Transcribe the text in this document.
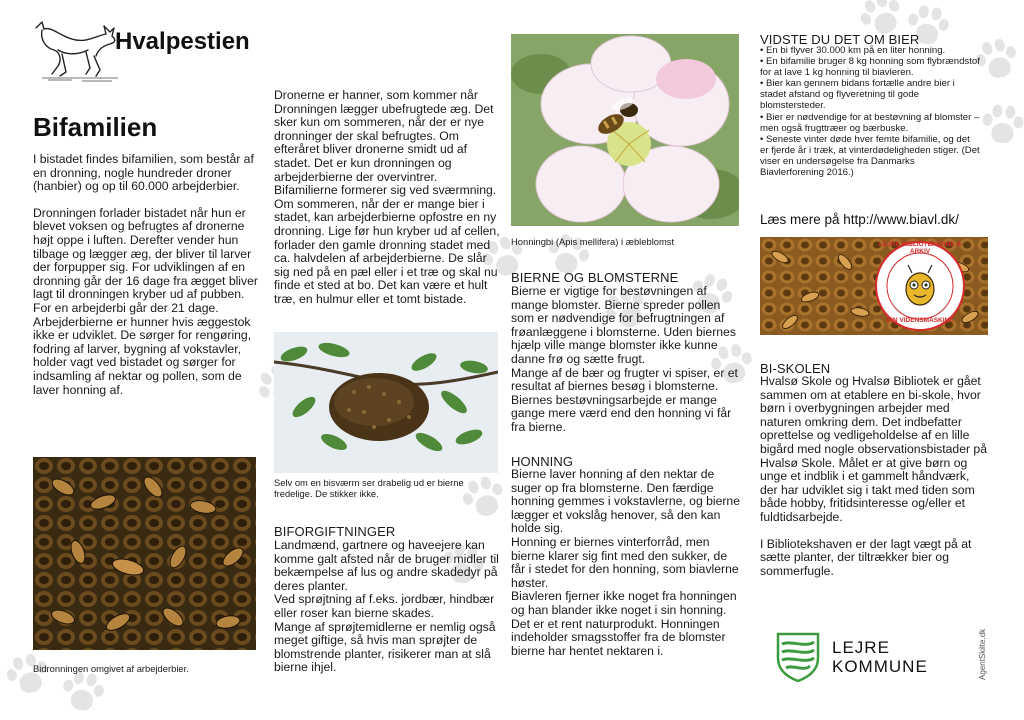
Hvalpestien
Bifamilien

I bistadet findes bifamilien, som består af en dronning, nogle hundreder droner (hanbier) og op til 60.000 arbejderbier.

Dronningen forlader bistadet når hun er blevet voksen og befrugtes af dronerne højt oppe i luften. Derefter vender hun tilbage og lægger æg, der bliver til larver der forpupper sig. For udviklingen af en dronning går der 16 dage fra ægget bliver lagt til dronningen kryber ud af pubben. For en arbejderbi går der 21 dage. Arbejderbierne er hunner hvis æggestok ikke er udviklet. De sørger for rengøring, fodring af larver, bygning af vokstavler, holder vagt ved bistadet og sørger for indsamling af nektar og pollen, som de laver honning af.

Bidronningen omgivet af arbejderbier.

Dronerne er hanner, som kommer når Dronningen lægger ubefrugtede æg. Det sker kun om sommeren, når der er nye dronninger der skal befrugtes. Om efteråret bliver dronerne smidt ud af stadet. Det er kun dronningen og arbejderbierne der overvintrer.

Bifamilierne formerer sig ved sværmning. Om sommeren, når der er mange bier i stadet, kan arbejderbierne opfostre en ny dronning. Lige før hun kryber ud af cellen, forlader den gamle dronning stadet med ca. halvdelen af arbejderbierne. De slår sig ned på en pæl eller i et træ og skal nu finde et sted at bo. Det kan være et hult træ, en hulmur eller et tomt bistade.

Selv om en bisværm ser drabelig ud er bierne fredelige. De stikker ikke.
BIFORGIFTNINGER

Landmænd, gartnere og haveejere kan komme galt afsted når de bruger midler til bekæmpelse af lus og andre skadedyr på deres planter.

Ved sprøjtning af f.eks. jordbær, hindbær eller roser kan bierne skades.

Mange af sprøjtemidlerne er nemlig også meget giftige, så hvis man sprøjter de blomstrende planter, risikerer man at slå bierne ihjel.

Honningbi (Apis mellifera) i æbleblomst
BIERNE OG BLOMSTERNE

Bierne er vigtige for bestøvningen af mange blomster. Bierne spreder pollen som er nødvendige for befrugtningen af frøanlæggene i blomsterne. Uden biernes hjælp ville mange blomster ikke kunne danne frø og sætte frugt.

Mange af de bær og frugter vi spiser, er et resultat af biernes besøg i blomsterne.

Biernes bestøvningsarbejde er mange gange mere værd end den honning vi får fra bierne.

HONNING

Bierne laver honning af den nektar de suger op fra blomsterne. Den færdige honning gemmes i vokstavlerne, og bierne lægger et vokslåg henover, så den kan holde sig.

Honning er biernes vinterforråd, men bierne klarer sig fint med den sukker, de får i stedet for den honning, som biavlerne høster.

Biavleren fjerner ikke noget fra honningen og han blander ikke noget i sin honning. Det er et rent naturprodukt. Honningen indeholder smagsstoffer fra de blomster bierne har hentet nektaren i.

VIDSTE DU DET OM BIER
• En bi flyver 30.000 km på en liter honning.
• En bifamilie bruger 8 kg honning som flybrændstof for at lave 1 kg honning til biavleren.
• Bier kan gennem bidans fortælle andre bier i stadet afstand og flyveretning til gode blomstersteder.
• Bier er nødvendige for at bestøvning af blomster – men også frugttræer og bærbuske.
• Seneste vinter døde hver femte bifamilie, og det er fjerde år i træk, at vinterdødeligheden stiger. (Det viser en undersøgelse fra Danmarks Biavlerforening 2016.)
Læs mere på http://www.biavl.dk/
LEJRE BIBLIOTEKERNE & ARKIV
DIN VIDENSMASKINE
BI-SKOLEN

Hvalsø Skole og Hvalsø Bibliotek er gået sammen om at etablere en bi-skole, hvor børn i overbygningen arbejder med naturen omkring dem. Det indbefatter oprettelse og vedligeholdelse af en lille bigård med nogle observationsbistader på Hvalsø Skole. Målet er at give børn og unge et indblik i et gammelt håndværk, der har udviklet sig i takt med tiden som både hobby, fritidsinteresse og/eller et fuldtidsarbejde.

I Bibliotekshaven er der lagt vægt på at sætte planter, der tiltrækker bier og sommerfugle.

LEJRE
KOMMUNE	AgentSkilte.dk
